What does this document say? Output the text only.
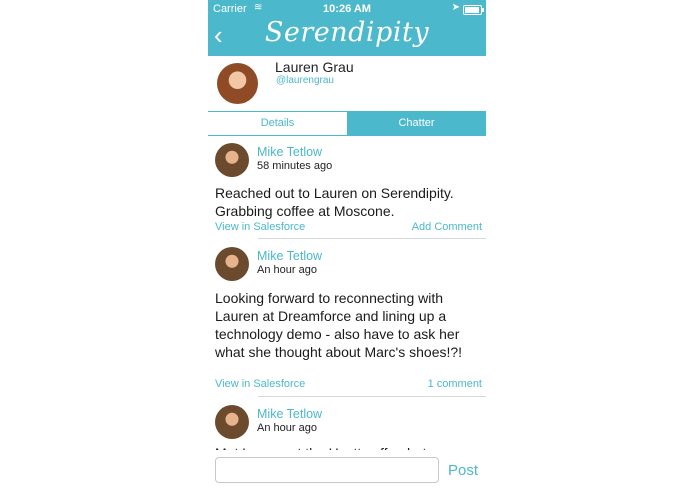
Carrier ≋	10:26 AM	➤
‹	Serendipity
Lauren Grau
@laurengrau
Details	Chatter
Mike Tetlow
58 minutes ago
Reached out to Lauren on Serendipity. Grabbing coffee at Moscone.
View in Salesforce	Add Comment
Mike Tetlow
An hour ago
Looking forward to reconnecting with Lauren at Dreamforce and lining up a technology demo - also have to ask her what she thought about Marc's shoes!?!
View in Salesforce	1 comment
Mike Tetlow
An hour ago
Post
